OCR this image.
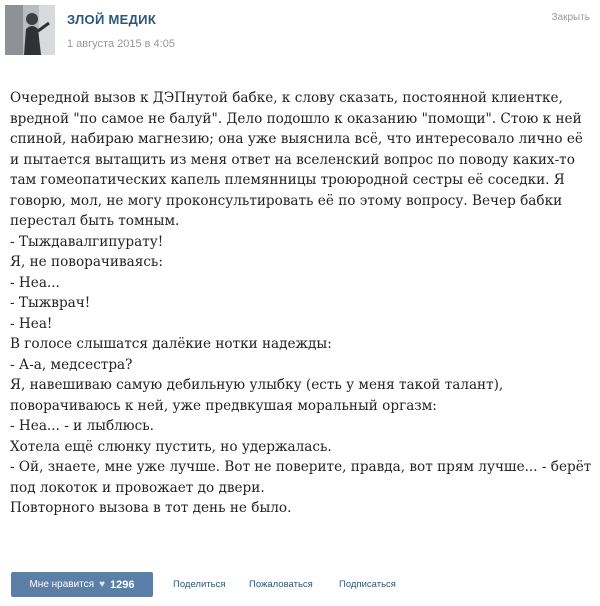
ЗЛОЙ МЕДИК
1 августа 2015 в 4:05
Закрыть
Очередной вызов к ДЭПнутой бабке, к слову сказать, постоянной клиентке,
вредной "по самое не балуй". Дело подошло к оказанию "помощи". Стою к ней
спиной, набираю магнезию; она уже выяснила всё, что интересовало лично её
и пытается вытащить из меня ответ на вселенский вопрос по поводу каких-то
там гомеопатических капель племянницы троюродной сестры её соседки. Я
говорю, мол, не могу проконсультировать её по этому вопросу. Вечер бабки
перестал быть томным.
- Тыждавалгипурату!
Я, не поворачиваясь:
- Неа...
- Тыжврач!
- Неа!
В голосе слышатся далёкие нотки надежды:
- А-а, медсестра?
Я, навешиваю самую дебильную улыбку (есть у меня такой талант),
поворачиваюсь к ней, уже предвкушая моральный оргазм:
- Неа... - и лыблюсь.
Хотела ещё слюнку пустить, но удержалась.
- Ой, знаете, мне уже лучше. Вот не поверите, правда, вот прям лучше... - берёт
под локоток и провожает до двери.
Повторного вызова в тот день не было.
Мне нравится ♥ 1296	Поделиться Пожаловаться	Подписаться
